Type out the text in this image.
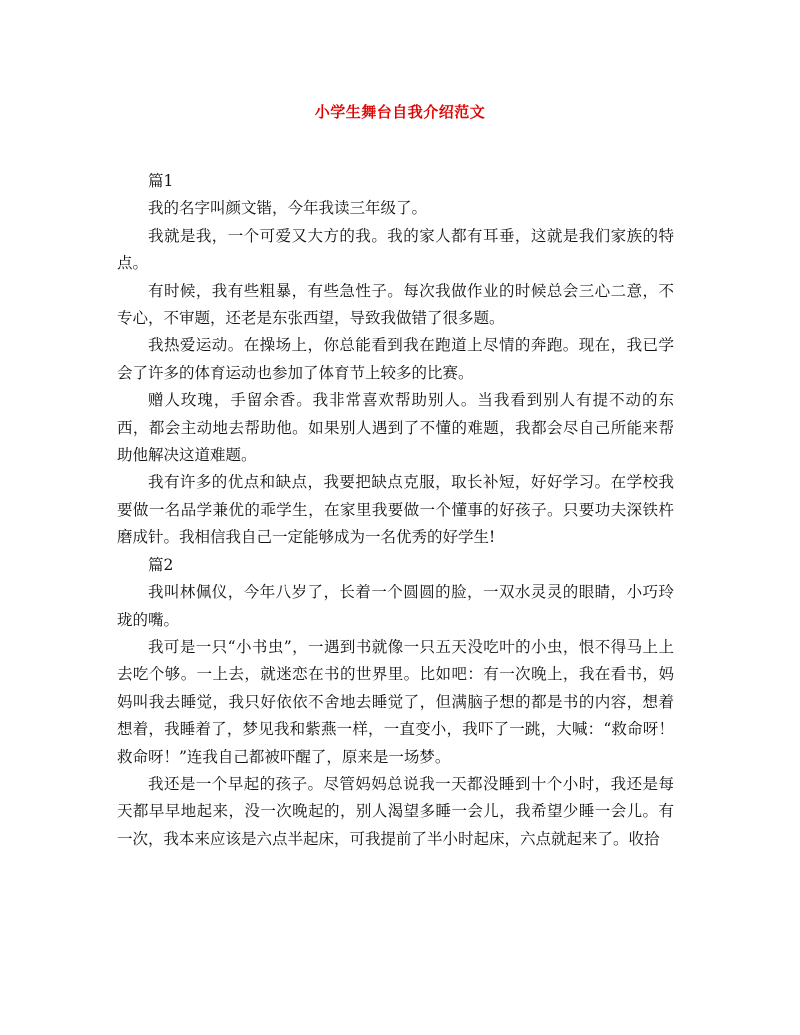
小学生舞台自我介绍范文

篇1

我的名字叫颜文锴，今年我读三年级了。

我就是我，一个可爱又大方的我。我的家人都有耳垂，这就是我们家族的特点。

有时候，我有些粗暴，有些急性子。每次我做作业的时候总会三心二意，不专心，不审题，还老是东张西望，导致我做错了很多题。

我热爱运动。在操场上，你总能看到我在跑道上尽情的奔跑。现在，我已学会了许多的体育运动也参加了体育节上较多的比赛。

赠人玫瑰，手留余香。我非常喜欢帮助别人。当我看到别人有提不动的东西，都会主动地去帮助他。如果别人遇到了不懂的难题，我都会尽自己所能来帮助他解决这道难题。

我有许多的优点和缺点，我要把缺点克服，取长补短，好好学习。在学校我要做一名品学兼优的乖学生，在家里我要做一个懂事的好孩子。只要功夫深铁杵磨成针。我相信我自己一定能够成为一名优秀的好学生!

篇2

我叫林佩仪，今年八岁了，长着一个圆圆的脸，一双水灵灵的眼睛，小巧玲珑的嘴。

我可是一只“小书虫”，一遇到书就像一只五天没吃叶的小虫，恨不得马上上去吃个够。一上去，就迷恋在书的世界里。比如吧：有一次晚上，我在看书，妈妈叫我去睡觉，我只好依依不舍地去睡觉了，但满脑子想的都是书的内容，想着想着，我睡着了，梦见我和紫燕一样，一直变小，我吓了一跳，大喊：“救命呀！救命呀！”连我自己都被吓醒了，原来是一场梦。

我还是一个早起的孩子。尽管妈妈总说我一天都没睡到十个小时，我还是每天都早早地起来，没一次晚起的，别人渴望多睡一会儿，我希望少睡一会儿。有一次，我本来应该是六点半起床，可我提前了半小时起床，六点就起来了。收拾
